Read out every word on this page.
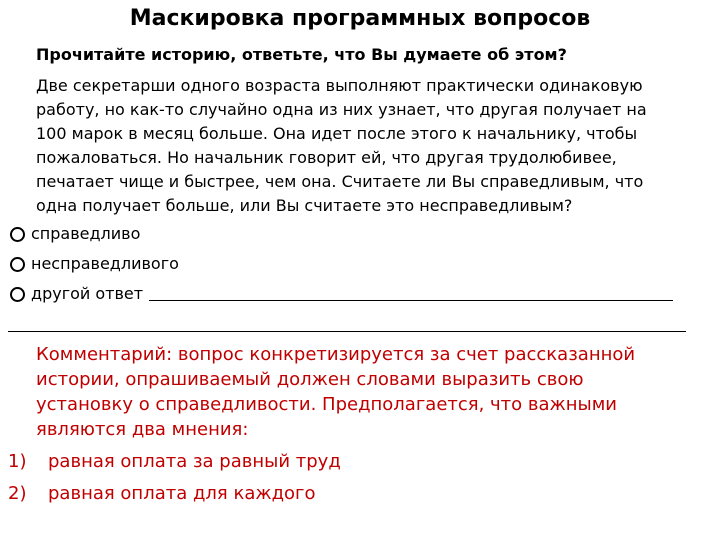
Маскировка программных вопросов
Прочитайте историю, ответьте, что Вы думаете об этом?
Две секретарши одного возраста выполняют практически одинаковую
работу, но как-то случайно одна из них узнает, что другая получает на
100 марок в месяц больше. Она идет после этого к начальнику, чтобы
пожаловаться. Но начальник говорит ей, что другая трудолюбивее,
печатает чище и быстрее, чем она. Считаете ли Вы справедливым, что
одна получает больше, или Вы считаете это несправедливым?
справедливо
несправедливого
другой ответ
Комментарий: вопрос конкретизируется за счет рассказанной
истории, опрашиваемый должен словами выразить свою
установку о справедливости. Предполагается, что важными
являются два мнения:
1) равная оплата за равный труд
2) равная оплата для каждого
